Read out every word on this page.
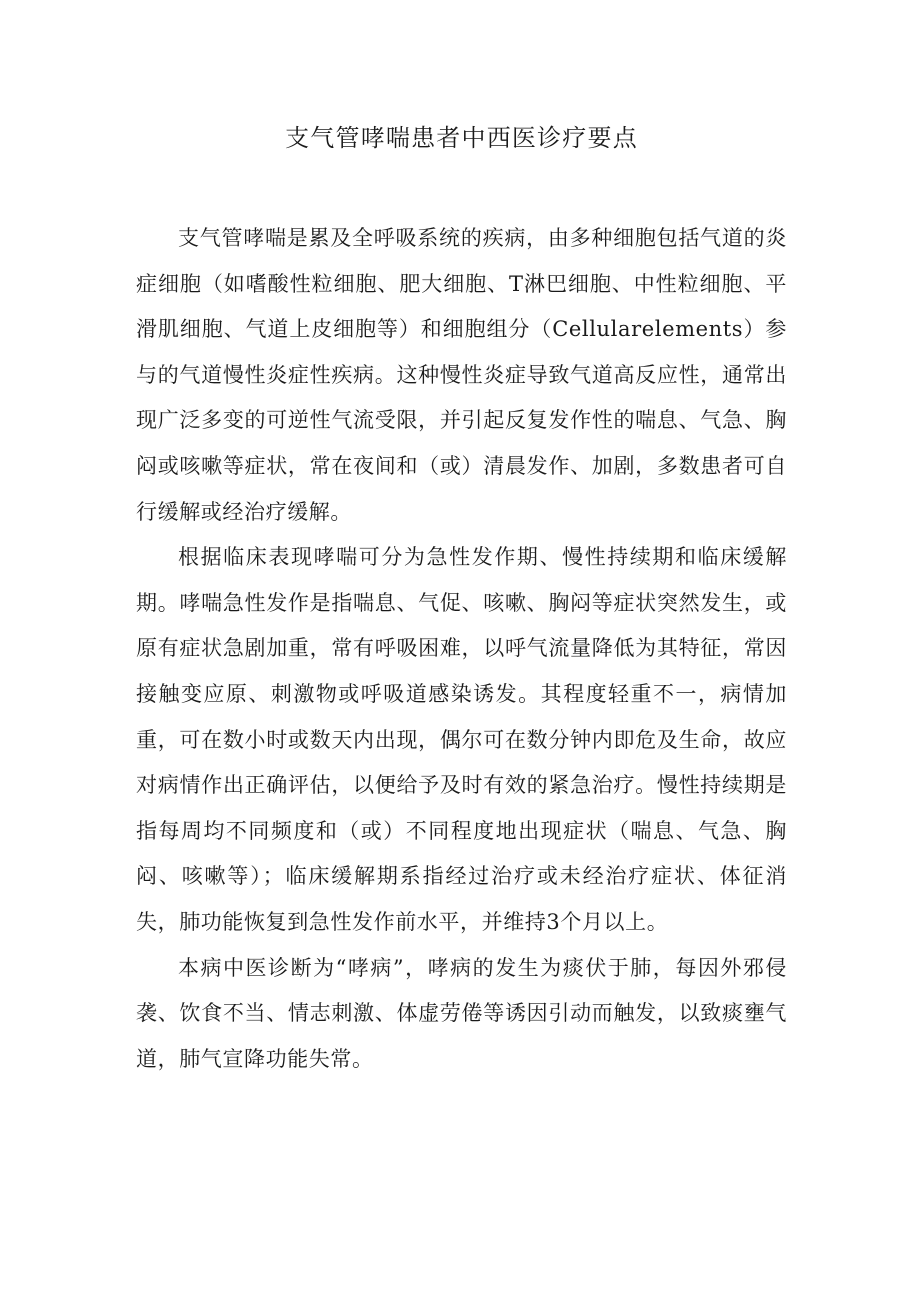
支气管哮喘患者中西医诊疗要点

支气管哮喘是累及全呼吸系统的疾病，由多种细胞包括气道的炎症细胞（如嗜酸性粒细胞、肥大细胞、T淋巴细胞、中性粒细胞、平滑肌细胞、气道上皮细胞等）和细胞组分（Cellularelements）参与的气道慢性炎症性疾病。这种慢性炎症导致气道高反应性，通常出现广泛多变的可逆性气流受限，并引起反复发作性的喘息、气急、胸闷或咳嗽等症状，常在夜间和（或）清晨发作、加剧，多数患者可自行缓解或经治疗缓解。

根据临床表现哮喘可分为急性发作期、慢性持续期和临床缓解期。哮喘急性发作是指喘息、气促、咳嗽、胸闷等症状突然发生，或原有症状急剧加重，常有呼吸困难，以呼气流量降低为其特征，常因接触变应原、刺激物或呼吸道感染诱发。其程度轻重不一，病情加重，可在数小时或数天内出现，偶尔可在数分钟内即危及生命，故应对病情作出正确评估，以便给予及时有效的紧急治疗。慢性持续期是指每周均不同频度和（或）不同程度地出现症状（喘息、气急、胸闷、咳嗽等）；临床缓解期系指经过治疗或未经治疗症状、体征消失，肺功能恢复到急性发作前水平，并维持3个月以上。

本病中医诊断为“哮病”，哮病的发生为痰伏于肺，每因外邪侵袭、饮食不当、情志刺激、体虚劳倦等诱因引动而触发，以致痰壅气道，肺气宣降功能失常。
